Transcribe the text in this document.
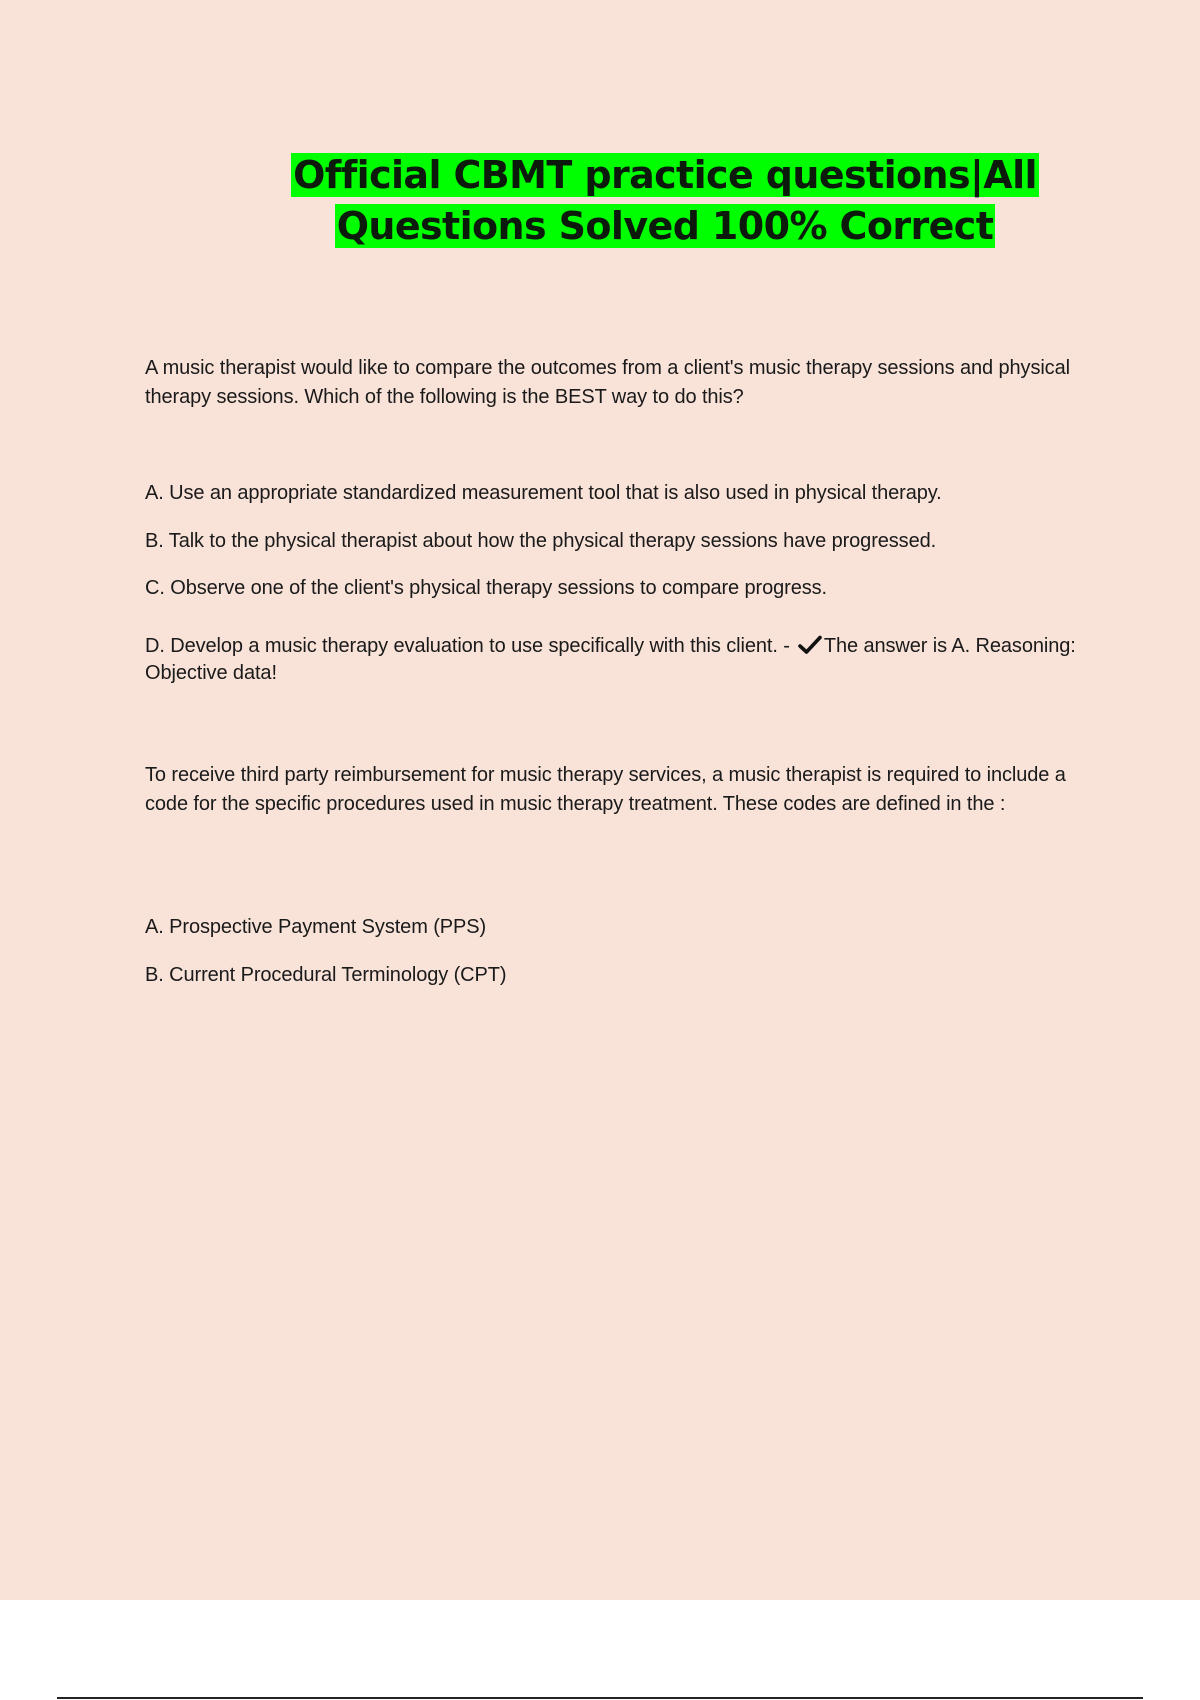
Official CBMT practice questions|All
Questions Solved 100% Correct
A music therapist would like to compare the outcomes from a client's music therapy sessions and physical therapy sessions. Which of the following is the BEST way to do this?
A. Use an appropriate standardized measurement tool that is also used in physical therapy.
B. Talk to the physical therapist about how the physical therapy sessions have progressed.
C. Observe one of the client's physical therapy sessions to compare progress.
D. Develop a music therapy evaluation to use specifically with this client. - The answer is A. Reasoning: Objective data!
To receive third party reimbursement for music therapy services, a music therapist is required to include a code for the specific procedures used in music therapy treatment. These codes are defined in the :
A. Prospective Payment System (PPS)
B. Current Procedural Terminology (CPT)
